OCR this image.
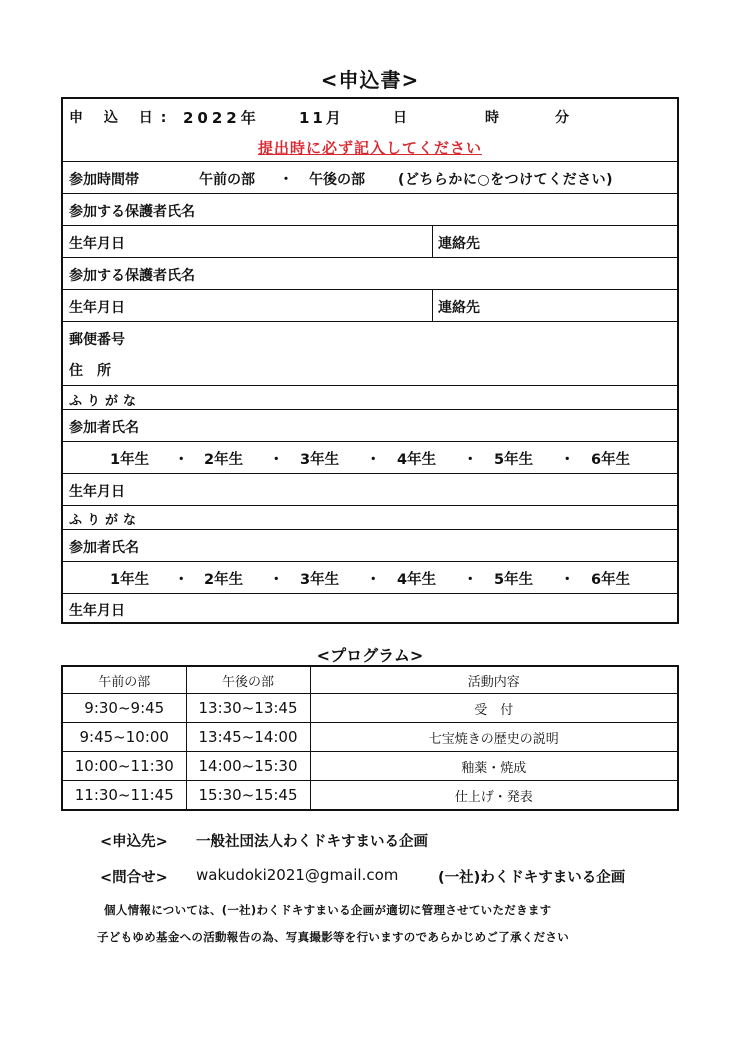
<申込書>
申 込 日: 2022年	11月	日	時	分
提出時に必ず記入してください
参加時間帯	午前の部 ・ 午後の部 (どちらかに○をつけてください)
参加する保護者氏名
生年月日	連絡先
参加する保護者氏名
生年月日	連絡先
郵便番号
住　所
ふりがな
参加者氏名
1年生 ・ 2年生 ・ 3年生 ・ 4年生 ・ 5年生 ・ 6年生
生年月日
ふりがな
参加者氏名
1年生 ・ 2年生 ・ 3年生 ・ 4年生 ・ 5年生 ・ 6年生
生年月日
<プログラム>
午前の部	午後の部	活動内容
9:30~9:45	13:30~13:45	受　付
9:45~10:00	13:45~14:00	七宝焼きの歴史の説明
10:00~11:30	14:00~15:30	釉薬・焼成
11:30~11:45	15:30~15:45	仕上げ・発表
<申込先> 一般社団法人わくドキすまいる企画
<問合せ> wakudoki2021@gmail.com	(一社)わくドキすまいる企画
個人情報については、(一社)わくドキすまいる企画が適切に管理させていただきます
子どもゆめ基金への活動報告の為、写真撮影等を行いますのであらかじめご了承ください
